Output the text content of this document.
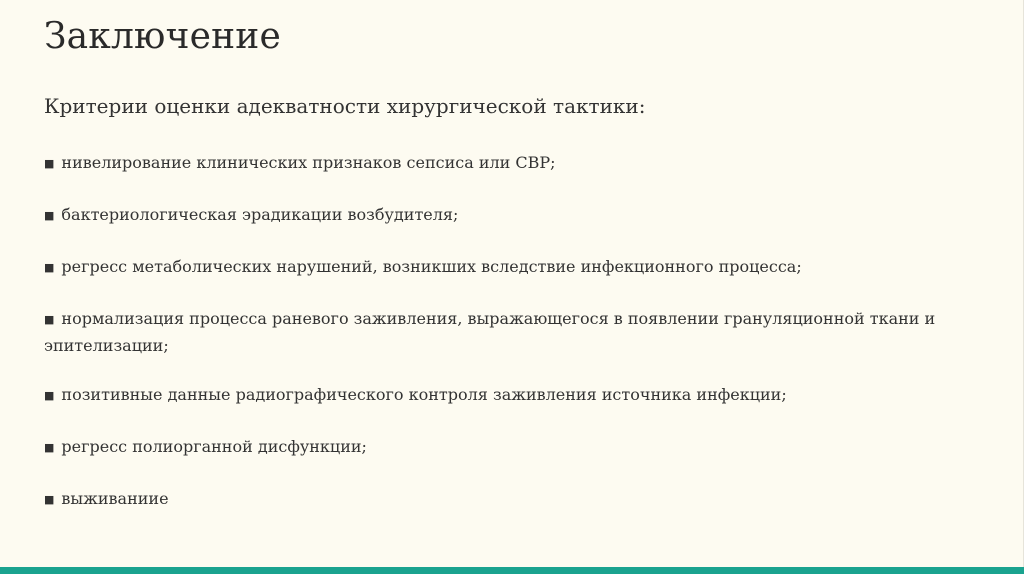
Заключение
Критерии оценки адекватности хирургической тактики:
■ нивелирование клинических признаков сепсиса или СВР;
■ бактериологическая эрадикации возбудителя;
■ регресс метаболических нарушений, возникших вследствие инфекционного процесса;
■ нормализация процесса раневого заживления, выражающегося в появлении грануляционной ткани и эпителизации;
■ позитивные данные радиографического контроля заживления источника инфекции;
■ регресс полиорганной дисфункции;
■ выживаниие
